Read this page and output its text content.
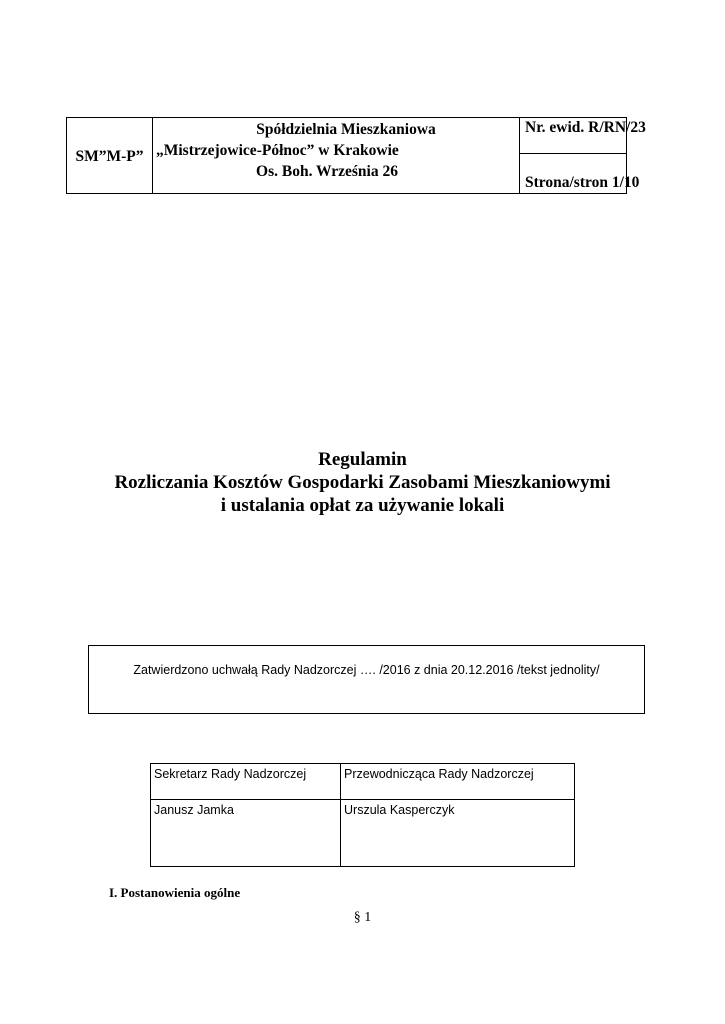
SM”M-P”
Spółdzielnia Mieszkaniowa
„Mistrzejowice-Północ” w Krakowie
Os. Boh. Września 26
Nr. ewid. R/RN/23
Strona/stron 1/10
Regulamin
Rozliczania Kosztów Gospodarki Zasobami Mieszkaniowymi
i ustalania opłat za używanie lokali
Zatwierdzono uchwałą Rady Nadzorczej …. /2016 z dnia 20.12.2016 /tekst jednolity/
Sekretarz Rady Nadzorczej	Przewodnicząca Rady Nadzorczej
Janusz Jamka	Urszula Kasperczyk
I. Postanowienia ogólne
§ 1
